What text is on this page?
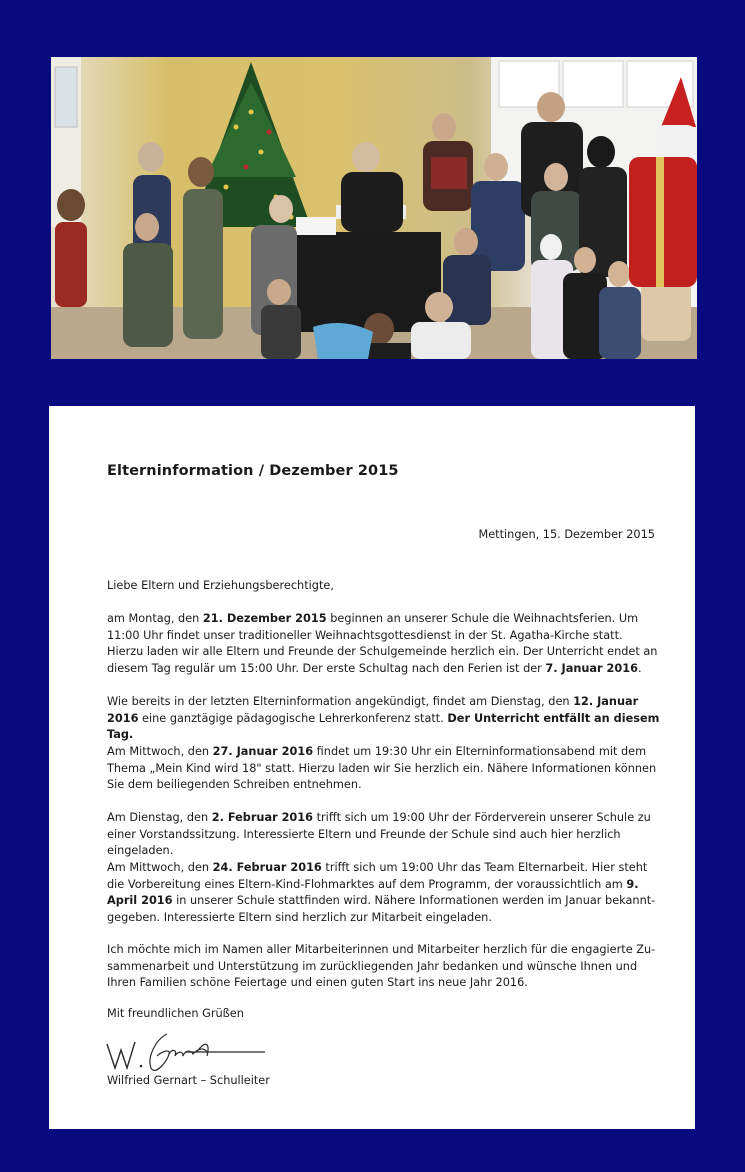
Elterninformation / Dezember 2015
Mettingen, 15. Dezember 2015

Liebe Eltern und Erziehungsberechtigte,

am Montag, den 21. Dezember 2015 beginnen an unserer Schule die Weihnachtsferien. Um 11:00 Uhr findet unser traditioneller Weihnachtsgottesdienst in der St. Agatha-Kirche statt. Hierzu laden wir alle Eltern und Freunde der Schulgemeinde herzlich ein. Der Unterricht endet an diesem Tag regulär um 15:00 Uhr. Der erste Schultag nach den Ferien ist der 7. Januar 2016.

Wie bereits in der letzten Elterninformation angekündigt, findet am Dienstag, den 12. Januar 2016 eine ganztägige pädagogische Lehrerkonferenz statt. Der Unterricht entfällt an diesem Tag.

Am Mittwoch, den 27. Januar 2016 findet um 19:30 Uhr ein Elterninformationsabend mit dem Thema „Mein Kind wird 18" statt. Hierzu laden wir Sie herzlich ein. Nähere Informationen können Sie dem beiliegenden Schreiben entnehmen.

Am Dienstag, den 2. Februar 2016 trifft sich um 19:00 Uhr der Förderverein unserer Schule zu einer Vorstandssitzung. Interessierte Eltern und Freunde der Schule sind auch hier herzlich eingeladen.

Am Mittwoch, den 24. Februar 2016 trifft sich um 19:00 Uhr das Team Elternarbeit. Hier steht die Vorbereitung eines Eltern-Kind-Flohmarktes auf dem Programm, der voraussichtlich am 9. April 2016 in unserer Schule stattfinden wird. Nähere Informationen werden im Januar bekannt-gegeben. Interessierte Eltern sind herzlich zur Mitarbeit eingeladen.

Ich möchte mich im Namen aller Mitarbeiterinnen und Mitarbeiter herzlich für die engagierte Zu-sammenarbeit und Unterstützung im zurückliegenden Jahr bedanken und wünsche Ihnen und Ihren Familien schöne Feiertage und einen guten Start ins neue Jahr 2016.

Mit freundlichen Grüßen

Wilfried Gernart – Schulleiter
